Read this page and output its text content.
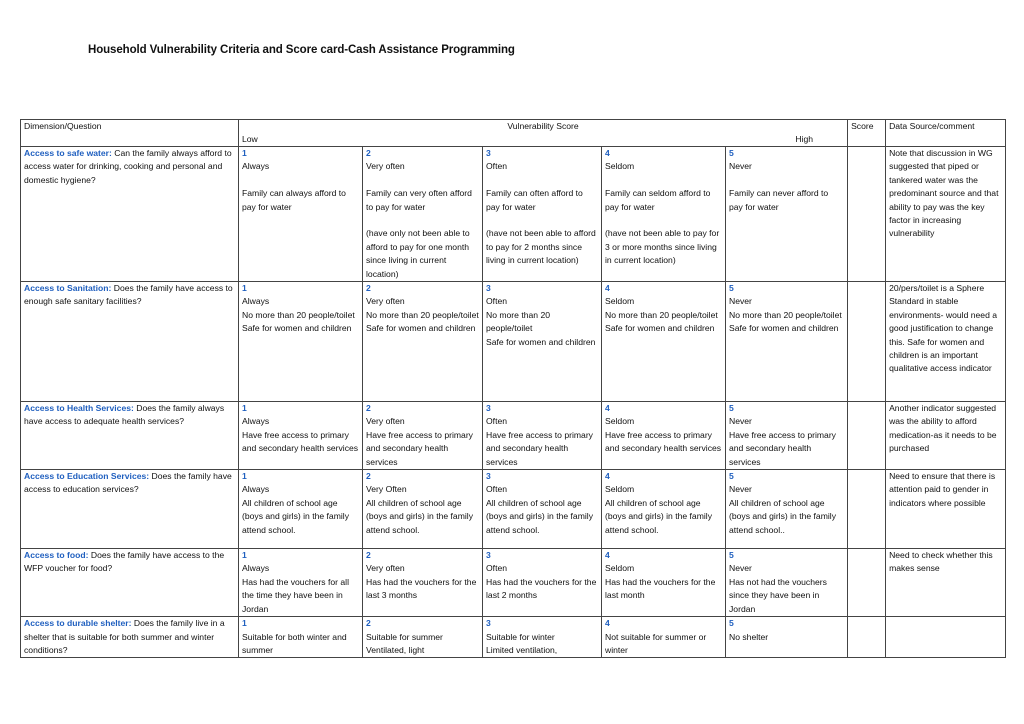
Household Vulnerability Criteria and Score card-Cash Assistance Programming
Dimension/Question	Vulnerability Score
Low High					Score	Data Source/comment
Access to safe water: Can the family always afford to access water for drinking, cooking and personal and domestic hygiene?	1
Always
Family can always afford to pay for water	2
Very often
Family can very often afford to pay for water
(have only not been able to afford to pay for one month since living in current location)	3
Often
Family can often afford to pay for water
(have not been able to afford to pay for 2 months since living in current location)	4
Seldom
Family can seldom afford to pay for water
(have not been able to pay for 3 or more months since living in current location)	5
Never
Family can never afford to pay for water		Note that discussion in WG suggested that piped or tankered water was the predominant source and that ability to pay was the key factor in increasing vulnerability
Access to Sanitation: Does the family have access to enough safe sanitary facilities?	1
Always
No more than 20 people/toilet
Safe for women and children	2
Very often
No more than 20 people/toilet
Safe for women and children	3
Often
No more than 20 people/toilet
Safe for women and children	4
Seldom
No more than 20 people/toilet
Safe for women and children	5
Never
No more than 20 people/toilet
Safe for women and children		20/pers/toilet is a Sphere Standard in stable environments- would need a good justification to change this. Safe for women and children is an important qualitative access indicator
Access to Health Services: Does the family always have access to adequate health services?	1
Always
Have free access to primary and secondary health services	2
Very often
Have free access to primary and secondary health services	3
Often
Have free access to primary and secondary health services	4
Seldom
Have free access to primary and secondary health services	5
Never
Have free access to primary and secondary health services		Another indicator suggested was the ability to afford medication-as it needs to be purchased
Access to Education Services: Does the family have access to education services?	1
Always
All children of school age (boys and girls) in the family attend school.	2
Very Often
All children of school age (boys and girls) in the family attend school.	3
Often
All children of school age (boys and girls) in the family attend school.	4
Seldom
All children of school age (boys and girls) in the family attend school.	5
Never
All children of school age (boys and girls) in the family attend school..		Need to ensure that there is attention paid to gender in indicators where possible
Access to food: Does the family have access to the WFP voucher for food?	1
Always
Has had the vouchers for all the time they have been in Jordan	2
Very often
Has had the vouchers for the last 3 months	3
Often
Has had the vouchers for the last 2 months	4
Seldom
Has had the vouchers for the last month	5
Never
Has not had the vouchers since they have been in Jordan		Need to check whether this makes sense
Access to durable shelter: Does the family live in a shelter that is suitable for both summer and winter conditions?	1
Suitable for both winter and summer	2
Suitable for summer
Ventilated, light	3
Suitable for winter
Limited ventilation,	4
Not suitable for summer or winter	5
No shelter		
